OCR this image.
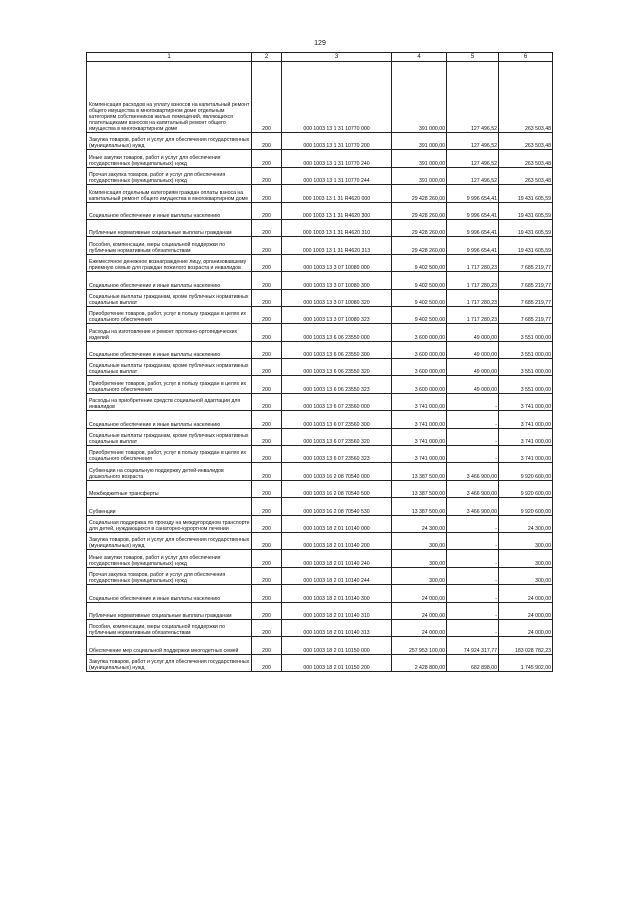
129
1	2	3	4	5	6
Компенсация расходов на уплату взносов на капитальный ремонт общего имущества в многоквартирном доме отдельным категориям собственников жилых помещений, являющихся плательщиками взносов на капитальный ремонт общего имущества в многоквартирном доме	200	000 1003 13 1 31 10770 000	391 000,00	127 496,52	263 503,48
Закупка товаров, работ и услуг для обеспечения государственных (муниципальных) нужд	200	000 1003 13 1 31 10770 200	391 000,00	127 496,52	263 503,48
Иные закупки товаров, работ и услуг для обеспечения государственных (муниципальных) нужд	200	000 1003 13 1 31 10770 240	391 000,00	127 496,52	263 503,48
Прочая закупка товаров, работ и услуг для обеспечения государственных (муниципальных) нужд	200	000 1003 13 1 31 10770 244	391 000,00	127 496,52	263 503,48
Компенсация отдельным категориям граждан оплаты взноса на капитальный ремонт общего имущества в многоквартирном доме	200	000 1003 13 1 31 R4620 000	29 428 260,00	9 996 654,41	19 431 605,59
Социальное обеспечение и иные выплаты населению	200	000 1003 13 1 31 R4620 300	29 428 260,00	9 996 654,41	19 431 605,59
Публичные нормативные социальные выплаты гражданам	200	000 1003 13 1 31 R4620 310	29 428 260,00	9 996 654,41	19 431 605,59
Пособия, компенсации, меры социальной поддержки по публичным нормативным обязательствам	200	000 1003 13 1 31 R4620 313	29 428 260,00	9 996 654,41	19 431 605,59
Ежемесячное денежное вознаграждение лицу, организовавшему приемную семью для граждан пожилого возраста и инвалидов	200	000 1003 13 3 07 10080 000	9 402 500,00	1 717 280,23	7 685 219,77
Социальное обеспечение и иные выплаты населению	200	000 1003 13 3 07 10080 300	9 402 500,00	1 717 280,23	7 685 219,77
Социальные выплаты гражданам, кроме публичных нормативных социальных выплат	200	000 1003 13 3 07 10080 320	9 402 500,00	1 717 280,23	7 685 219,77
Приобретение товаров, работ, услуг в пользу граждан в целях их социального обеспечения	200	000 1003 13 3 07 10080 323	9 402 500,00	1 717 280,23	7 685 219,77
Расходы на изготовление и ремонт протезно-ортопедических изделий	200	000 1003 13 6 06 23550 000	3 600 000,00	49 000,00	3 551 000,00
Социальное обеспечение и иные выплаты населению	200	000 1003 13 6 06 23550 300	3 600 000,00	49 000,00	3 551 000,00
Социальные выплаты гражданам, кроме публичных нормативных социальных выплат	200	000 1003 13 6 06 23550 320	3 600 000,00	49 000,00	3 551 000,00
Приобретение товаров, работ, услуг в пользу граждан в целях их социального обеспечения	200	000 1003 13 6 06 23550 323	3 600 000,00	49 000,00	3 551 000,00
Расходы на приобретение средств социальной адаптации для инвалидов	200	000 1003 13 6 07 23560 000	3 741 000,00	-	3 741 000,00
Социальное обеспечение и иные выплаты населению	200	000 1003 13 6 07 23560 300	3 741 000,00	-	3 741 000,00
Социальные выплаты гражданам, кроме публичных нормативных социальных выплат	200	000 1003 13 6 07 23560 320	3 741 000,00	-	3 741 000,00
Приобретение товаров, работ, услуг в пользу граждан в целях их социального обеспечения	200	000 1003 13 6 07 23560 323	3 741 000,00	-	3 741 000,00
Субвенции на социальную поддержку детей-инвалидов дошкольного возраста	200	000 1003 16 2 08 70540 000	13 387 500,00	3 466 900,00	9 920 600,00
Межбюджетные трансферты	200	000 1003 16 2 08 70540 500	13 387 500,00	3 466 900,00	9 920 600,00
Субвенции	200	000 1003 16 2 08 70540 530	13 387 500,00	3 466 900,00	9 920 600,00
Социальная поддержка по проезду на междугородном транспорте для детей, нуждающихся в санаторно-курортном лечении	200	000 1003 18 2 01 10140 000	24 300,00	-	24 300,00
Закупка товаров, работ и услуг для обеспечения государственных (муниципальных) нужд	200	000 1003 18 2 01 10140 200	300,00	-	300,00
Иные закупки товаров, работ и услуг для обеспечения государственных (муниципальных) нужд	200	000 1003 18 2 01 10140 240	300,00	-	300,00
Прочая закупка товаров, работ и услуг для обеспечения государственных (муниципальных) нужд	200	000 1003 18 2 01 10140 244	300,00	-	300,00
Социальное обеспечение и иные выплаты населению	200	000 1003 18 2 01 10140 300	24 000,00	-	24 000,00
Публичные нормативные социальные выплаты гражданам	200	000 1003 18 2 01 10140 310	24 000,00	-	24 000,00
Пособия, компенсации, меры социальной поддержки по публичным нормативным обязательствам	200	000 1003 18 2 01 10140 313	24 000,00	-	24 000,00
Обеспечение мер социальной поддержки многодетных семей	200	000 1003 18 2 01 10150 000	257 953 100,00	74 924 317,77	183 028 782,23
Закупка товаров, работ и услуг для обеспечения государственных (муниципальных) нужд	200	000 1003 18 2 01 10150 200	2 428 800,00	682 898,00	1 745 902,00
